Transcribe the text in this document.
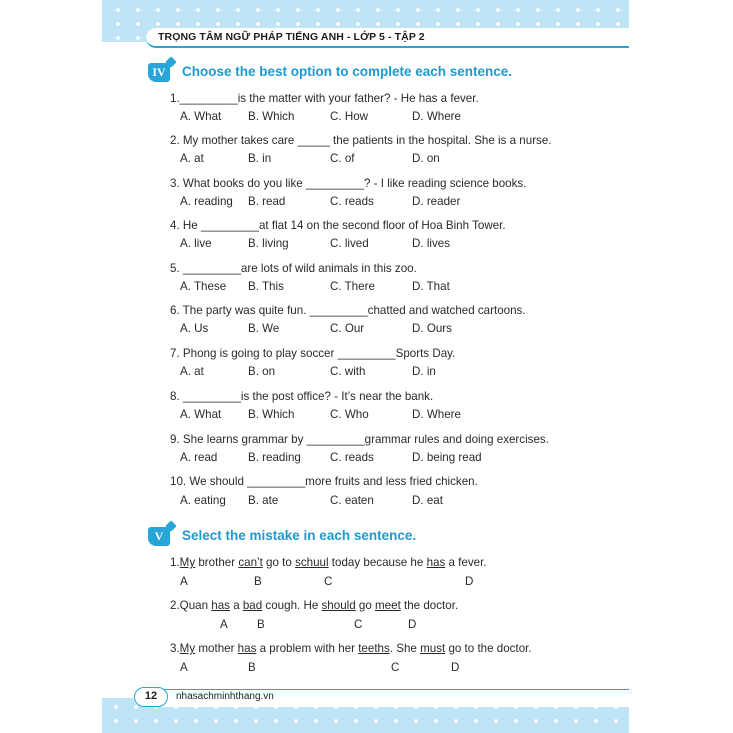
TRỌNG TÂM NGỮ PHÁP TIẾNG ANH - LỚP 5 - TẬP 2
IV	Choose the best option to complete each sentence.
1._________is the matter with your father? - He has a fever.
A. What B. Which	C. How	D. Where
2. My mother takes care _____ the patients in the hospital. She is a nurse.
A. at	B. in	C. of	D. on
3. What books do you like _________? - I like reading science books.
A. reading B. read	C. reads	D. reader
4. He _________at flat 14 on the second floor of Hoa Binh Tower.
A. live	B. living	C. lived	D. lives
5. _________are lots of wild animals in this zoo.
A. These B. This	C. There	D. That
6. The party was quite fun. _________chatted and watched cartoons.
A. Us	B. We	C. Our	D. Ours
7. Phong is going to play soccer _________Sports Day.
A. at	B. on	C. with	D. in
8. _________is the post office? - It’s near the bank.
A. What B. Which	C. Who	D. Where
9. She learns grammar by _________grammar rules and doing exercises.
A. read	B. reading	C. reads	D. being read
10. We should _________more fruits and less fried chicken.
A. eating B. ate	C. eaten	D. eat
V	Select the mistake in each sentence.
1.My brother can’t go to schuul today because he has a fever.
A	B	C	D
2.Quan has a bad cough. He should go meet the doctor.
A	B	C	D
3.My mother has a problem with her teeths. She must go to the doctor.
A	B	C	D
12	nhasachminhthang.vn
